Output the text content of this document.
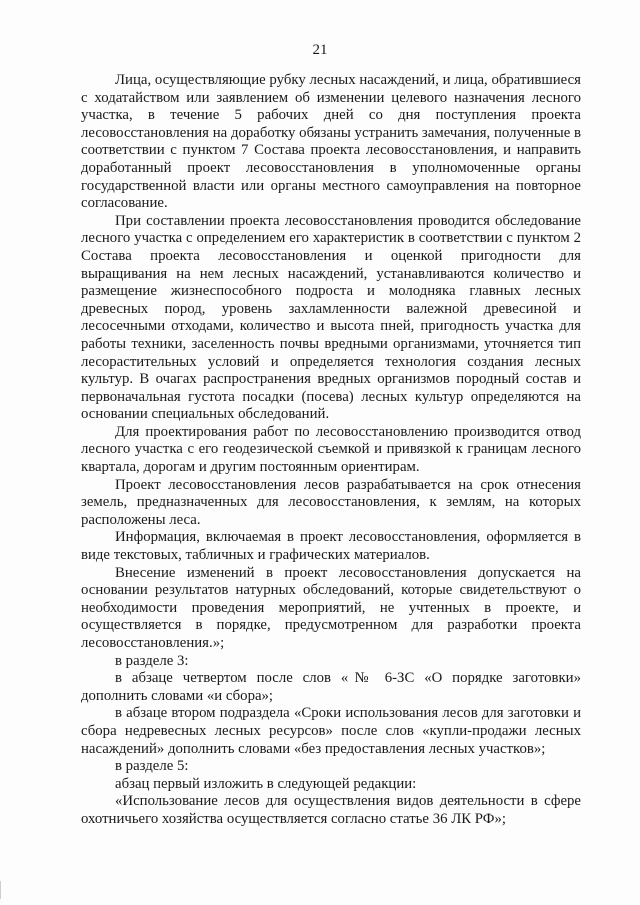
21

Лица, осуществляющие рубку лесных насаждений, и лица, обратившиеся с ходатайством или заявлением об изменении целевого назначения лесного участка, в течение 5 рабочих дней со дня поступления проекта лесовосстановления на доработку обязаны устранить замечания, полученные в соответствии с пунктом 7 Состава проекта лесовосстановления, и направить доработанный проект лесовосстановления в уполномоченные органы государственной власти или органы местного самоуправления на повторное согласование.

При составлении проекта лесовосстановления проводится обследование лесного участка с определением его характеристик в соответствии с пунктом 2 Состава проекта лесовосстановления и оценкой пригодности для выращивания на нем лесных насаждений, устанавливаются количество и размещение жизнеспособного подроста и молодняка главных лесных древесных пород, уровень захламленности валежной древесиной и лесосечными отходами, количество и высота пней, пригодность участка для работы техники, заселенность почвы вредными организмами, уточняется тип лесорастительных условий и определяется технология создания лесных культур. В очагах распространения вредных организмов породный состав и первоначальная густота посадки (посева) лесных культур определяются на основании специальных обследований.

Для проектирования работ по лесовосстановлению производится отвод лесного участка с его геодезической съемкой и привязкой к границам лесного квартала, дорогам и другим постоянным ориентирам.

Проект лесовосстановления лесов разрабатывается на срок отнесения земель, предназначенных для лесовосстановления, к землям, на которых расположены леса.

Информация, включаемая в проект лесовосстановления, оформляется в виде текстовых, табличных и графических материалов.

Внесение изменений в проект лесовосстановления допускается на основании результатов натурных обследований, которые свидетельствуют о необходимости проведения мероприятий, не учтенных в проекте, и осуществляется в порядке, предусмотренном для разработки проекта лесовосстановления.»;

в разделе 3:

в абзаце четвертом после слов «№ 6-ЗС «О порядке заготовки» дополнить словами «и сбора»;

в абзаце втором подраздела «Сроки использования лесов для заготовки и сбора недревесных лесных ресурсов» после слов «купли-продажи лесных насаждений» дополнить словами «без предоставления лесных участков»;

в разделе 5:

абзац первый изложить в следующей редакции:

«Использование лесов для осуществления видов деятельности в сфере охотничьего хозяйства осуществляется согласно статье 36 ЛК РФ»;
